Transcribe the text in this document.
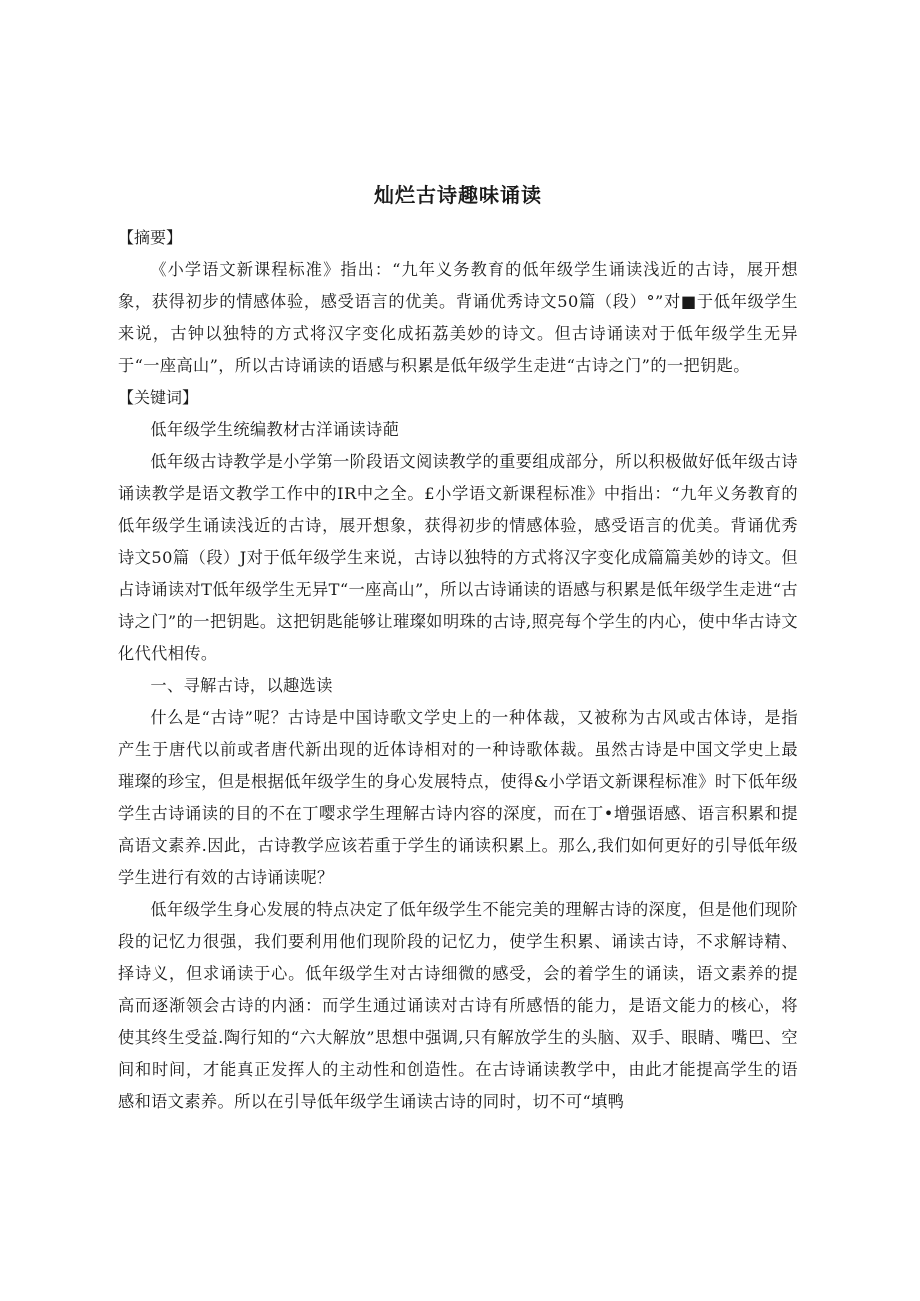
灿烂古诗趣味诵读

【摘要】

《小学语文新课程标准》指出：“九年义务教育的低年级学生诵读浅近的古诗，展开想象，获得初步的情感体验，感受语言的优美。背诵优秀诗文50篇（段）°”对■于低年级学生来说，古钟以独特的方式将汉字变化成拓荔美妙的诗文。但古诗诵读对于低年级学生无异于“一座高山”，所以古诗诵读的语感与积累是低年级学生走进“古诗之门”的一把钥匙。

【关键词】

低年级学生统编教材古洋诵读诗葩

低年级古诗教学是小学第一阶段语文阅读教学的重要组成部分，所以积极做好低年级古诗诵读教学是语文教学工作中的IR中之全。£小学语文新课程标准》中指出：“九年义务教育的低年级学生诵读浅近的古诗，展开想象，获得初步的情感体验，感受语言的优美。背诵优秀诗文50篇（段）J对于低年级学生来说，古诗以独特的方式将汉字变化成篇篇美妙的诗文。但占诗诵读对T低年级学生无异T“一座高山”，所以古诗诵读的语感与积累是低年级学生走进“古诗之门”的一把钥匙。这把钥匙能够让璀璨如明珠的古诗,照亮每个学生的内心，使中华古诗文化代代相传。

一、寻解古诗，以趣选读

什么是“古诗”呢？古诗是中国诗歌文学史上的一种体裁，又被称为古风或古体诗，是指产生于唐代以前或者唐代新出现的近体诗相对的一种诗歌体裁。虽然古诗是中国文学史上最璀璨的珍宝，但是根据低年级学生的身心发展特点，使得&小学语文新课程标准》时下低年级学生古诗诵读的目的不在丁嘤求学生理解古诗内容的深度，而在丁•增强语感、语言积累和提高语文素养.因此，古诗教学应该若重于学生的诵读积累上。那么,我们如何更好的引导低年级学生进行有效的古诗诵读呢？

低年级学生身心发展的特点决定了低年级学生不能完美的理解古诗的深度，但是他们现阶段的记忆力很强，我们要利用他们现阶段的记忆力，使学生积累、诵读古诗，不求解诗精、择诗义，但求诵读于心。低年级学生对古诗细微的感受，会的着学生的诵读，语文素养的提高而逐渐领会古诗的内涵：而学生通过诵读对古诗有所感悟的能力，是语文能力的核心，将使其终生受益.陶行知的“六大解放”思想中强调,只有解放学生的头脑、双手、眼睛、嘴巴、空间和时间，才能真正发挥人的主动性和创造性。在古诗诵读教学中，由此才能提高学生的语感和语文素养。所以在引导低年级学生诵读古诗的同时，切不可“填鸭
